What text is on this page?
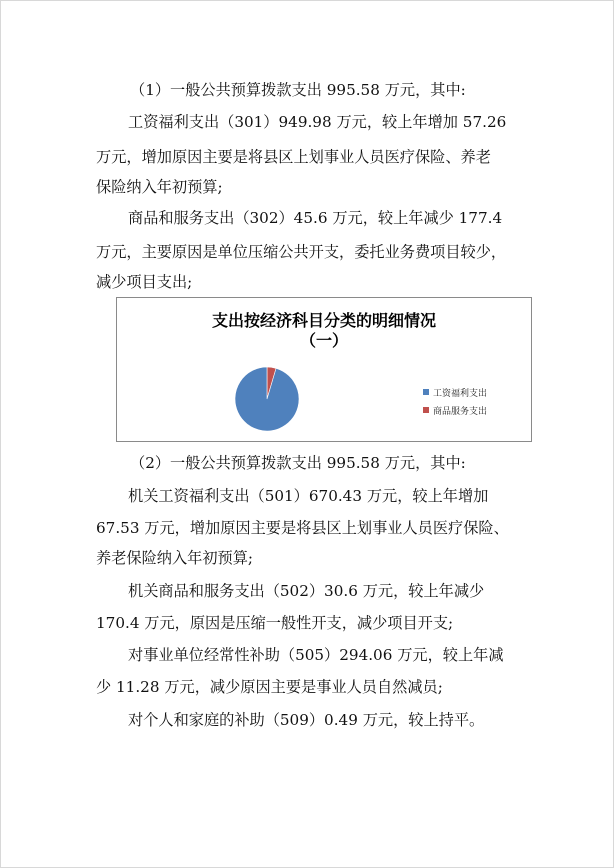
（1）一般公共预算拨款支出 995.58 万元，其中:
工资福利支出（301）949.98 万元，较上年增加 57.26
万元，增加原因主要是将县区上划事业人员医疗保险、养老
保险纳入年初预算;
商品和服务支出（302）45.6 万元，较上年减少 177.4
万元，主要原因是单位压缩公共开支，委托业务费项目较少，
减少项目支出;
支出按经济科目分类的明细情况
（一）
工资福利支出
商品服务支出
（2）一般公共预算拨款支出 995.58 万元，其中:
机关工资福利支出（501）670.43 万元，较上年增加
67.53 万元，增加原因主要是将县区上划事业人员医疗保险、
养老保险纳入年初预算;
机关商品和服务支出（502）30.6 万元，较上年减少
170.4 万元，原因是压缩一般性开支，减少项目开支;
对事业单位经常性补助（505）294.06 万元，较上年减
少 11.28 万元，减少原因主要是事业人员自然减员;
对个人和家庭的补助（509）0.49 万元，较上持平。
